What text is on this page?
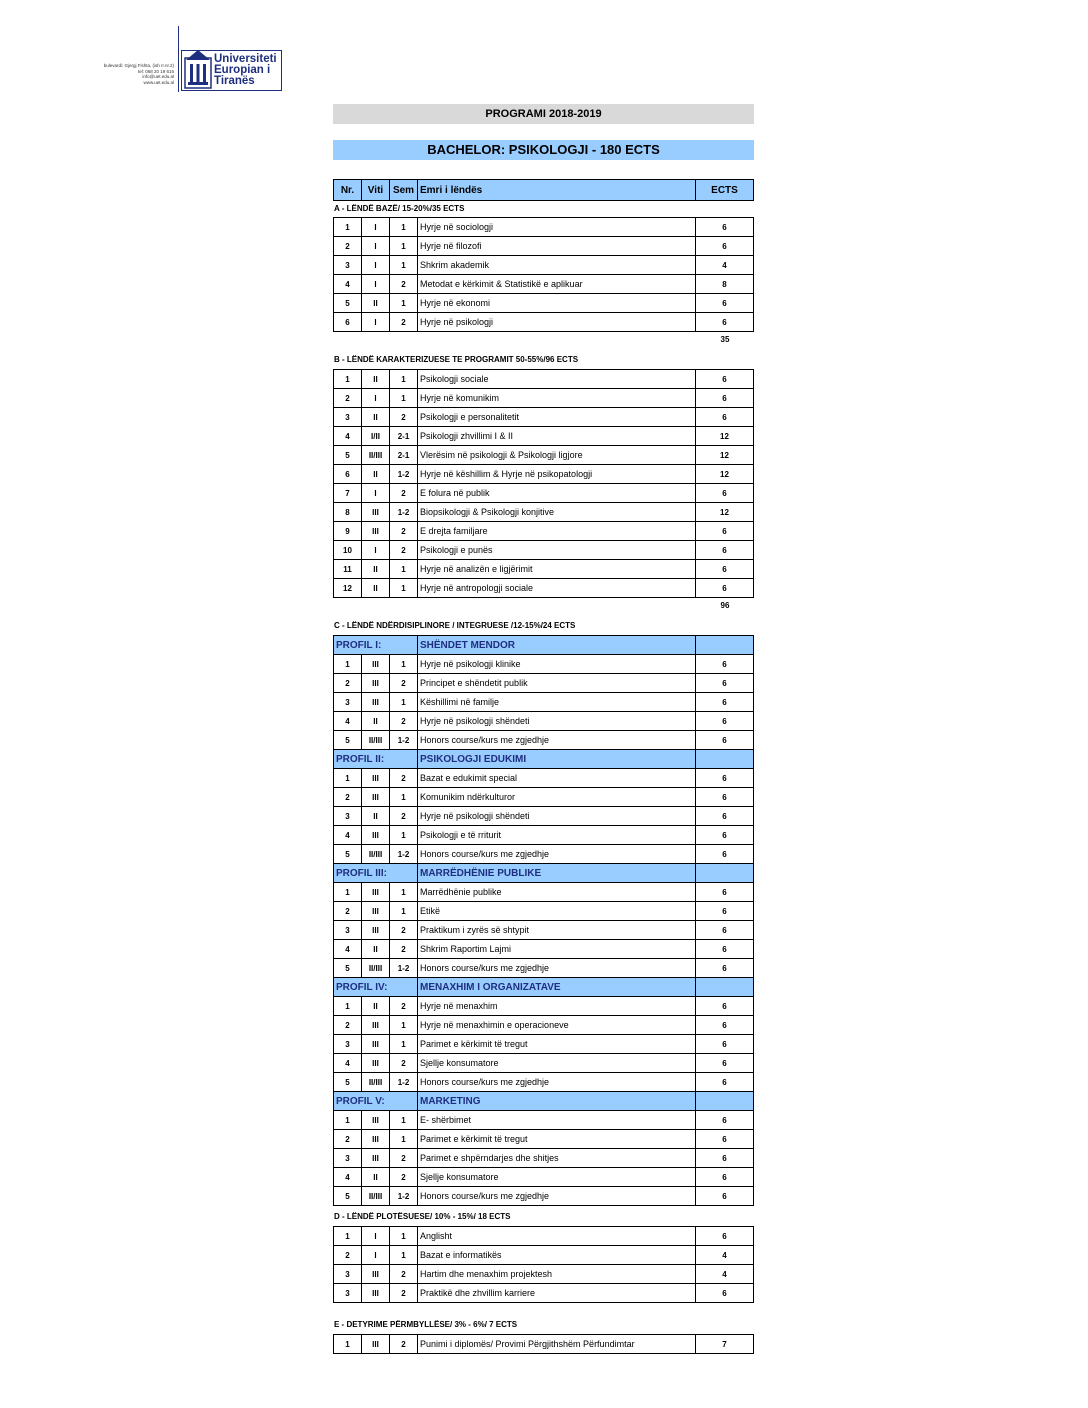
bulevardi: Gjergj Fishta, (ish rr.nr.2)
tel: 068 20 19 616
info@uet.edu.al
www.uet.edu.al
Universiteti
Europian i
Tiranës
PROGRAMI 2018-2019
BACHELOR: PSIKOLOGJI - 180 ECTS
Nr.	Viti	Sem	Emri i lëndës	ECTS
A - LËNDË BAZË/ 15-20%/35 ECTS
1	I	1	Hyrje në sociologji	6
2	I	1	Hyrje në filozofi	6
3	I	1	Shkrim akademik	4
4	I	2	Metodat e kërkimit & Statistikë e aplikuar	8
5	II	1	Hyrje në ekonomi	6
6	I	2	Hyrje në psikologji	6
35
B - LËNDË KARAKTERIZUESE TE PROGRAMIT 50-55%/96 ECTS
1	II	1	Psikologji sociale	6
2	I	1	Hyrje në komunikim	6
3	II	2	Psikologji e personalitetit	6
4	I/II	2-1	Psikologji zhvillimi I & II	12
5	II/III	2-1	Vlerësim në psikologji & Psikologji ligjore	12
6	II	1-2	Hyrje në këshillim & Hyrje në psikopatologji	12
7	I	2	E folura në publik	6
8	III	1-2	Biopsikologji & Psikologji konjitive	12
9	III	2	E drejta familjare	6
10	I	2	Psikologji e punës	6
11	II	1	Hyrje në analizën e ligjërimit	6
12	II	1	Hyrje në antropologji sociale	6
96
C - LËNDË NDËRDISIPLINORE / INTEGRUESE /12-15%/24 ECTS
PROFIL I:			SHËNDET MENDOR	
1	III	1	Hyrje në psikologji klinike	6
2	III	2	Principet e shëndetit publik	6
3	III	1	Këshillimi në familje	6
4	II	2	Hyrje në psikologji shëndeti	6
5	II/III	1-2	Honors course/kurs me zgjedhje	6
PROFIL II:			PSIKOLOGJI EDUKIMI	
1	III	2	Bazat e edukimit special	6
2	III	1	Komunikim ndërkulturor	6
3	II	2	Hyrje në psikologji shëndeti	6
4	III	1	Psikologji e të rriturit	6
5	II/III	1-2	Honors course/kurs me zgjedhje	6
PROFIL III:			MARRËDHËNIE PUBLIKE	
1	III	1	Marrëdhënie publike	6
2	III	1	Etikë	6
3	III	2	Praktikum i zyrës së shtypit	6
4	II	2	Shkrim Raportim Lajmi	6
5	II/III	1-2	Honors course/kurs me zgjedhje	6
PROFIL IV:			MENAXHIM I ORGANIZATAVE	
1	II	2	Hyrje në menaxhim	6
2	III	1	Hyrje në menaxhimin e operacioneve	6
3	III	1	Parimet e kërkimit të tregut	6
4	III	2	Sjellje konsumatore	6
5	II/III	1-2	Honors course/kurs me zgjedhje	6
PROFIL V:			MARKETING	
1	III	1	E- shërbimet	6
2	III	1	Parimet e kërkimit të tregut	6
3	III	2	Parimet e shpërndarjes dhe shitjes	6
4	II	2	Sjellje konsumatore	6
5	II/III	1-2	Honors course/kurs me zgjedhje	6
D - LËNDË PLOTËSUESE/ 10% - 15%/ 18 ECTS
1	I	1	Anglisht	6
2	I	1	Bazat e informatikës	4
3	III	2	Hartim dhe menaxhim projektesh	4
3	III	2	Praktikë dhe zhvillim karriere	6
E - DETYRIME PËRMBYLLËSE/ 3% - 6%/ 7 ECTS
1	III	2	Punimi i diplomës/ Provimi Përgjithshëm Përfundimtar	7
